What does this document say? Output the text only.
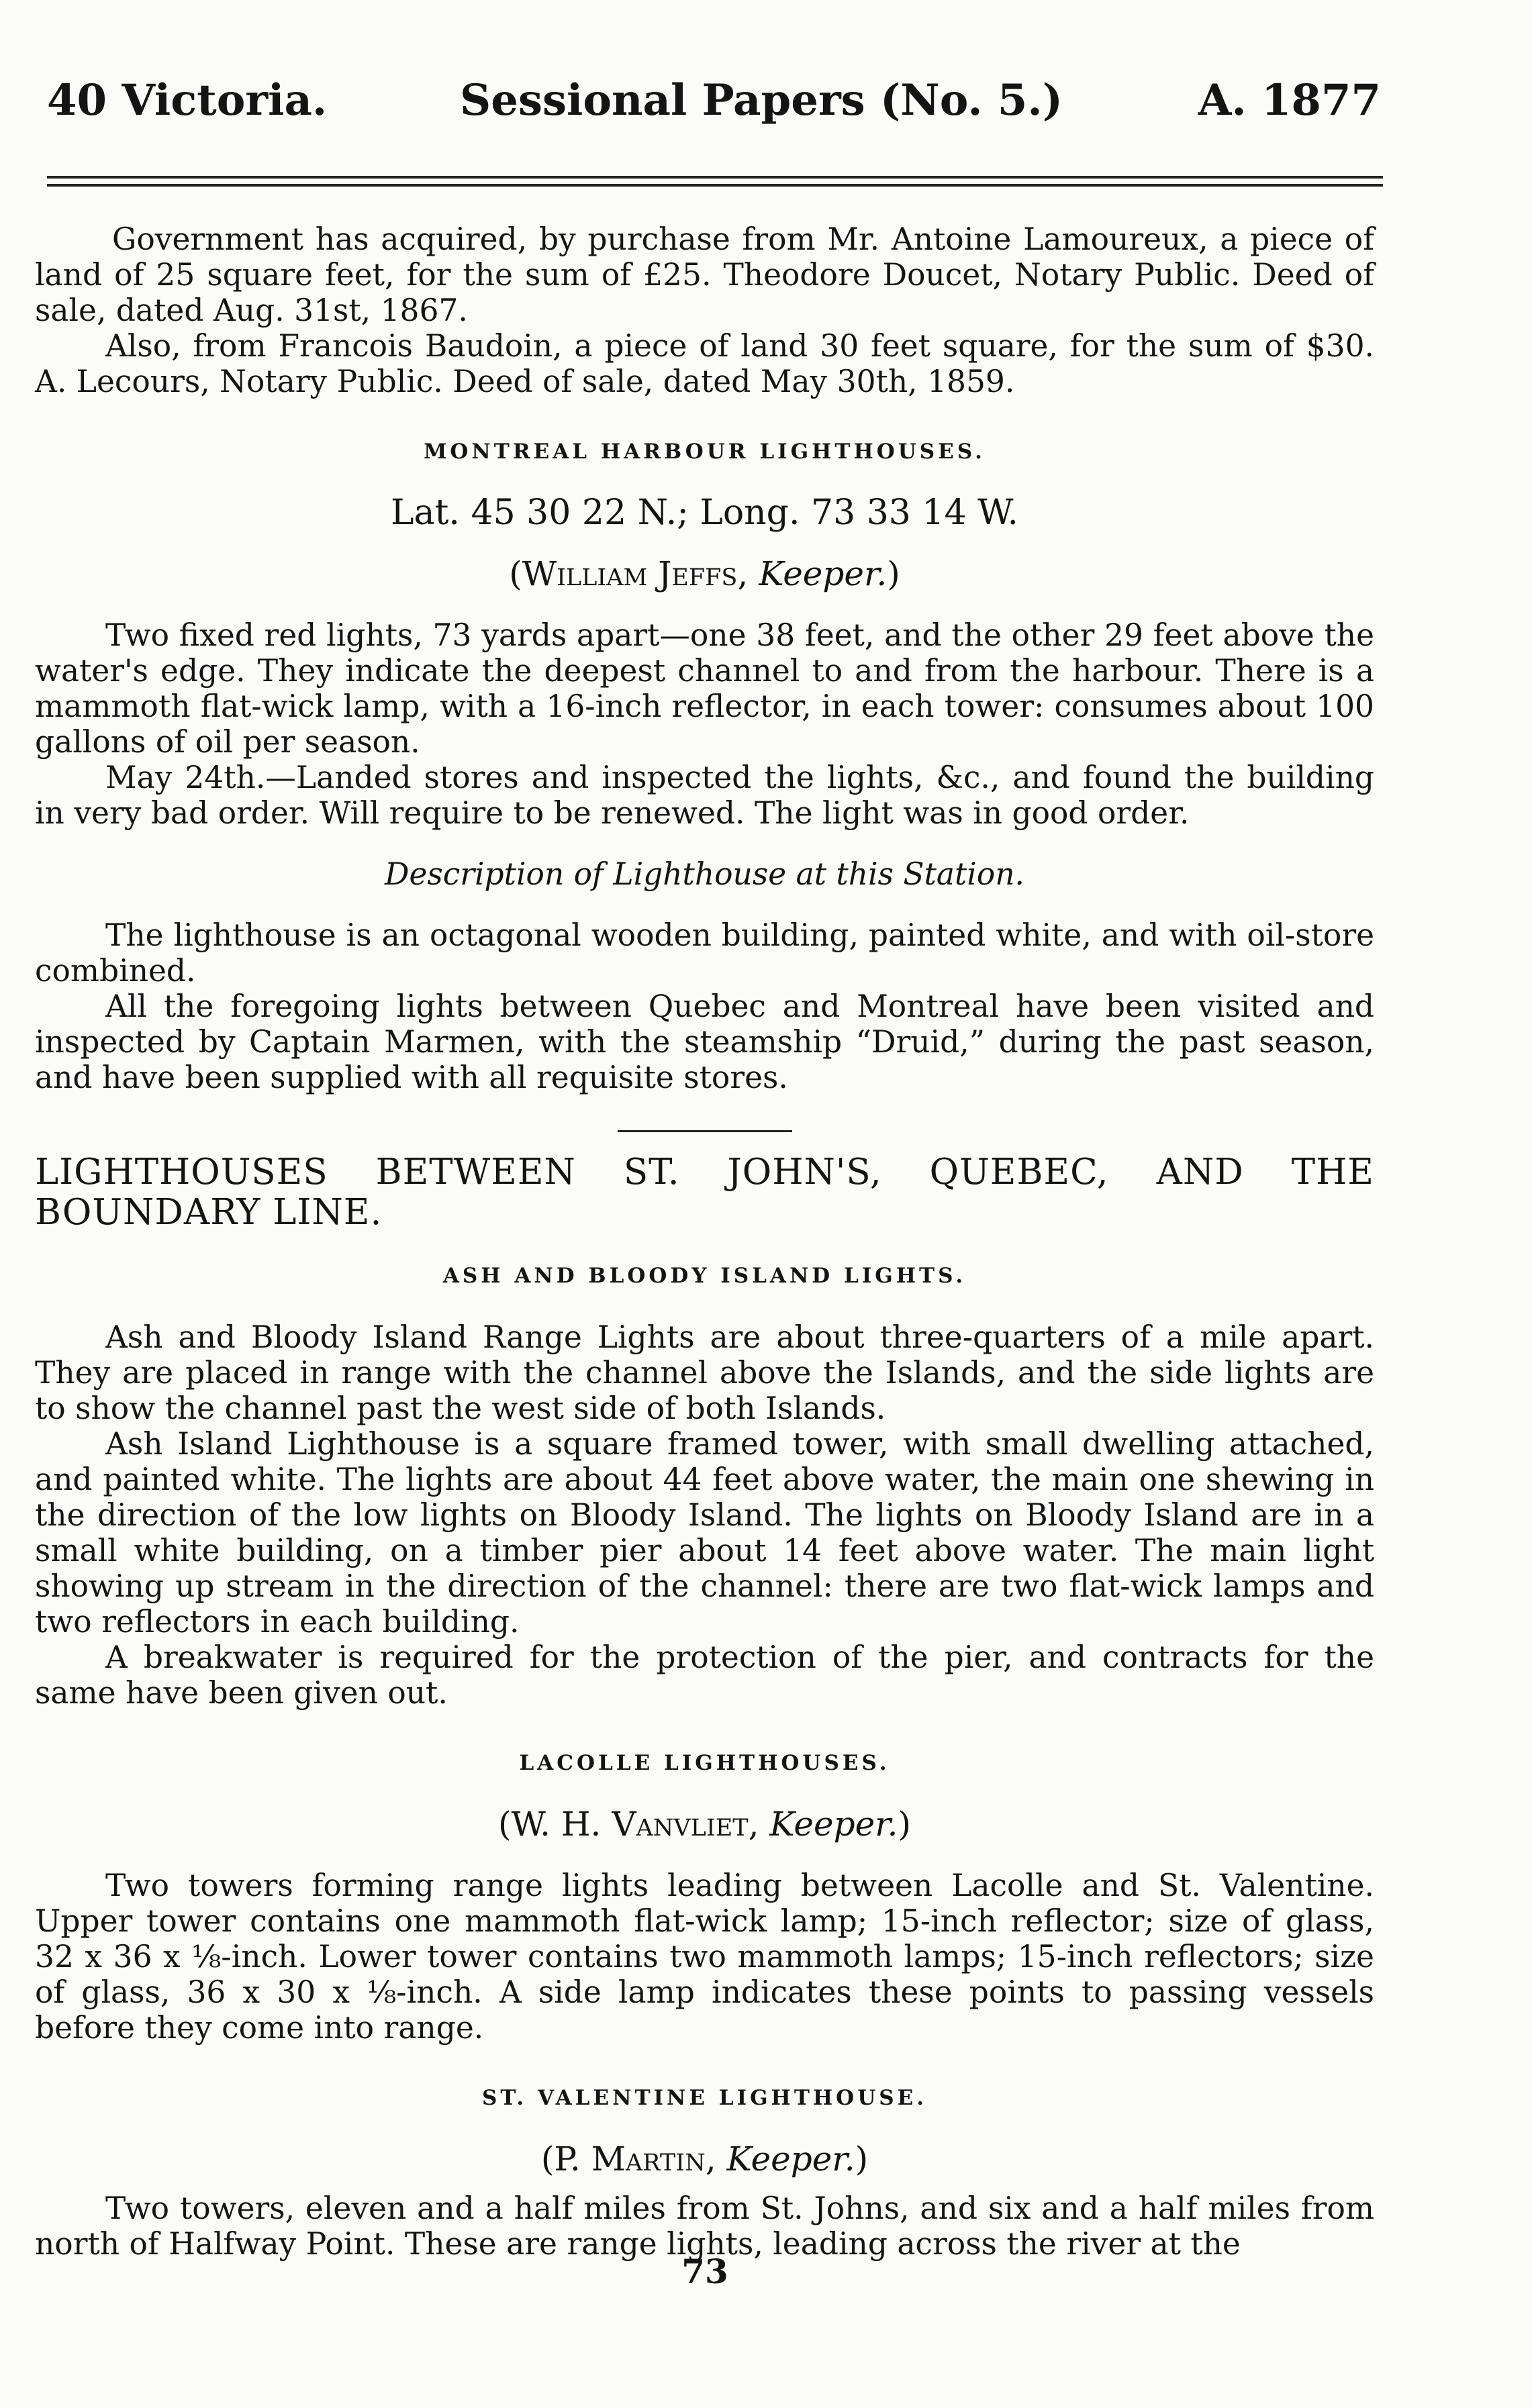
40 Victoria.	Sessional Papers (No. 5.)	A. 1877

Government has acquired, by purchase from Mr. Antoine Lamoureux, a piece of land of 25 square feet, for the sum of £25. Theodore Doucet, Notary Public. Deed of sale, dated Aug. 31st, 1867.

Also, from Francois Baudoin, a piece of land 30 feet square, for the sum of $30. A. Lecours, Notary Public. Deed of sale, dated May 30th, 1859.

MONTREAL HARBOUR LIGHTHOUSES.

Lat. 45 30 22 N.; Long. 73 33 14 W.

(William Jeffs, Keeper.)

Two fixed red lights, 73 yards apart—one 38 feet, and the other 29 feet above the water's edge. They indicate the deepest channel to and from the harbour. There is a mammoth flat-wick lamp, with a 16-inch reflector, in each tower: consumes about 100 gallons of oil per season.

May 24th.—Landed stores and inspected the lights, &c., and found the building in very bad order. Will require to be renewed. The light was in good order.

Description of Lighthouse at this Station.

The lighthouse is an octagonal wooden building, painted white, and with oil-store combined.

All the foregoing lights between Quebec and Montreal have been visited and inspected by Captain Marmen, with the steamship “Druid,” during the past season, and have been supplied with all requisite stores.

LIGHTHOUSES BETWEEN ST. JOHN'S, QUEBEC, AND THE BOUNDARY LINE.

ASH AND BLOODY ISLAND LIGHTS.

Ash and Bloody Island Range Lights are about three-quarters of a mile apart. They are placed in range with the channel above the Islands, and the side lights are to show the channel past the west side of both Islands.

Ash Island Lighthouse is a square framed tower, with small dwelling attached, and painted white. The lights are about 44 feet above water, the main one shewing in the direction of the low lights on Bloody Island. The lights on Bloody Island are in a small white building, on a timber pier about 14 feet above water. The main light showing up stream in the direction of the channel: there are two flat-wick lamps and two reflectors in each building.

A breakwater is required for the protection of the pier, and contracts for the same have been given out.

LACOLLE LIGHTHOUSES.

(W. H. Vanvliet, Keeper.)

Two towers forming range lights leading between Lacolle and St. Valentine. Upper tower contains one mammoth flat-wick lamp; 15-inch reflector; size of glass, 32 x 36 x ⅛-inch. Lower tower contains two mammoth lamps; 15-inch reflectors; size of glass, 36 x 30 x ⅛-inch. A side lamp indicates these points to passing vessels before they come into range.

ST. VALENTINE LIGHTHOUSE.

(P. Martin, Keeper.)

Two towers, eleven and a half miles from St. Johns, and six and a half miles from north of Halfway Point. These are range lights, leading across the river at the

73
